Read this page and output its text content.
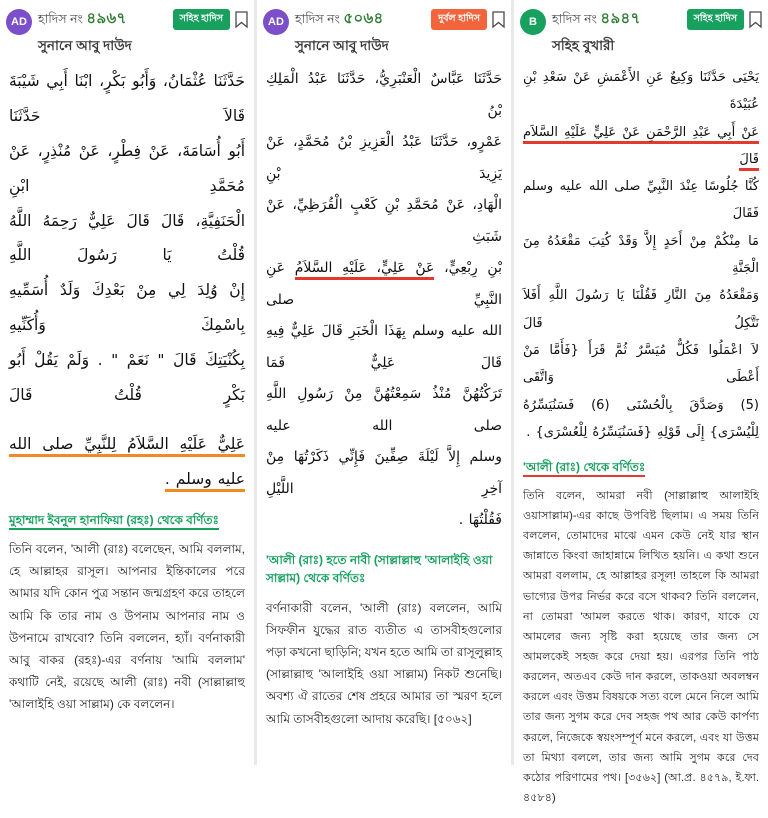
AD হাদিস নং ৪৯৬৭
সুনানে আবু দাউদ
সহিহ হাদিস
حَدَّثَنَا عُثْمَانُ، وَأَبُو بَكْرٍ، ابْنَا أَبِي شَيْبَةَ قَالاَ حَدَّثَنَا
أَبُو أُسَامَةَ، عَنْ فِطْرٍ، عَنْ مُنْذِرٍ، عَنْ مُحَمَّدِ ابْنِ
الْحَنَفِيَّةِ، قَالَ قَالَ عَلِيٌّ رَحِمَهُ اللَّهُ قُلْتُ يَا رَسُولَ اللَّهِ
إِنْ وُلِدَ لِي مِنْ بَعْدِكَ وَلَدٌ أُسَمِّيهِ بِاسْمِكَ وَأُكَنِّيهِ
بِكُنْيَتِكَ قَالَ " نَعَمْ " . وَلَمْ يَقُلْ أَبُو بَكْرٍ قُلْتُ قَالَ
عَلِيٌّ عَلَيْهِ السَّلاَمُ لِلنَّبِيِّ صلى الله عليه وسلم .
মুহাম্মাদ ইবনুল হানাফিয়া (রহঃ) থেকে বর্ণিতঃ
তিনি বলেন, 'আলী (রাঃ) বলেছেন, আমি বললাম, হে আল্লাহর রাসূল। আপনার ইন্তিকালের পরে আমার যদি কোন পুত্র সন্তান জন্মগ্রহণ করে তাহলে আমি কি তার নাম ও উপনাম আপনার নাম ও উপনামে রাখবো? তিনি বললেন, হ্যাঁ। বর্ণনাকারী আবু বাকর (রহঃ)-এর বর্ণনায় 'আমি বললাম' কথাটি নেই, রয়েছে আলী (রাঃ) নবী (সাল্লাল্লাহু 'আলাইহি ওয়া সাল্লাম) কে বললেন।
AD হাদিস নং ৫০৬৪
সুনানে আবু দাউদ
দুর্বল হাদিস
حَدَّثَنَا عَبَّاسٌ الْعَنْبَرِيُّ، حَدَّثَنَا عَبْدُ الْمَلِكِ بْنُ
عَمْرٍو، حَدَّثَنَا عَبْدُ الْعَزِيزِ بْنُ مُحَمَّدٍ، عَنْ يَزِيدَ بْنِ
الْهَادِ، عَنْ مُحَمَّدِ بْنِ كَعْبٍ الْقُرَظِيِّ، عَنْ شَبَثِ
بْنِ رِبْعِيٍّ، عَنْ عَلِيٍّ، عَلَيْهِ السَّلاَمُ عَنِ النَّبِيِّ صلى
الله عليه وسلم بِهَذَا الْخَبَرِ قَالَ عَلِيٌّ فِيهِ قَالَ عَلِيٌّ فَمَا
تَرَكْتُهُنَّ مُنْذُ سَمِعْتُهُنَّ مِنْ رَسُولِ اللَّهِ صلى الله عليه
وسلم إِلاَّ لَيْلَةَ صِفِّينَ فَإِنِّي ذَكَرْتُهَا مِنْ آخِرِ اللَّيْلِ
فَقُلْتُهَا .
'আলী (রাঃ) হতে নাবী (সাল্লাল্লাহু 'আলাইহি ওয়া সাল্লাম) থেকে বর্ণিতঃ
বর্ণনাকারী বলেন, 'আলী (রাঃ) বললেন, আমি সিফফীন যুদ্ধের রাত ব্যতীত এ তাসবীহগুলোর পড়া কখনো ছাড়িনি; যখন হতে আমি তা রাসূলুল্লাহ (সাল্লাল্লাহু 'আলাইহি ওয়া সাল্লাম) নিকট শুনেছি। অবশ্য ঐ রাতের শেষ প্রহরে আমার তা স্মরণ হলে আমি তাসবীহগুলো আদায় করেছি। [৫০৬২]
B	হাদিস নং ৪৯৪৭
সহিহ বুখারী
সহিহ হাদিস
يَحْيَى حَدَّثَنَا وَكِيعٌ عَنِ الأَعْمَشِ عَنْ سَعْدِ بْنِ عُبَيْدَةَ
عَنْ أَبِي عَبْدِ الرَّحْمَنِ عَنْ عَلِيٍّ عَلَيْهِ السَّلاَم قَالَ
كُنَّا جُلُوسًا عِنْدَ النَّبِيِّ صلى الله عليه وسلم فَقَالَ
مَا مِنْكُمْ مِنْ أَحَدٍ إِلاَّ وَقَدْ كُتِبَ مَقْعَدُهُ مِنَ الْجَنَّةِ
وَمَقْعَدُهُ مِنَ النَّارِ فَقُلْنَا يَا رَسُولَ اللَّهِ أَفَلاَ نَتَّكِلُ قَالَ
لاَ اعْمَلُوا فَكُلٌّ مُيَسَّرٌ ثُمَّ قَرَأَ {فَأَمَّا مَنْ أَعْطَى وَاتَّقَى
(5) وَصَدَّقَ بِالْحُسْنَى (6) فَسَنُيَسِّرُهُ
لِلْيُسْرَى} إِلَى قَوْلِهِ {فَسَنُيَسِّرُهُ لِلْعُسْرَى} .
'আলী (রাঃ) থেকে বর্ণিতঃ
তিনি বলেন, আমরা নবী (সাল্লাল্লাহু আলাইহি ওয়াসাল্লাম)-এর কাছে উপবিষ্ট ছিলাম। এ সময় তিনি বললেন, তোমাদের মাঝে এমন কেউ নেই যার স্থান জান্নাতে কিংবা জাহান্নামে লিখিত হয়নি। এ কথা শুনে আমরা বললাম, হে আল্লাহর রসূল! তাহলে কি আমরা ভাগ্যের উপর নির্ভর করে বসে থাকব? তিনি বললেন, না তোমরা 'আমল করতে থাক। কারণ, যাকে যে আমলের জন্য সৃষ্টি করা হয়েছে তার জন্য সে আমলকেই সহজ করে দেয়া হয়। এরপর তিনি পাঠ করলেন, অতএব কেউ দান করলে, তাকওয়া অবলম্বন করলে এবং উত্তম বিষয়কে সত্য বলে মেনে নিলে আমি তার জন্য সুগম করে দেব সহজ পথ আর কেউ কার্পণ্য করলে, নিজেকে স্বয়ংসম্পূর্ণ মনে করলে, এবং যা উত্তম তা মিথ্যা বললে, তার জন্য আমি সুগম করে দেব কঠোর পরিণামের পথ। [৩৫৬২] (আ.প্র. ৪৫৭৯, ই.ফা. ৪৫৮৪)
